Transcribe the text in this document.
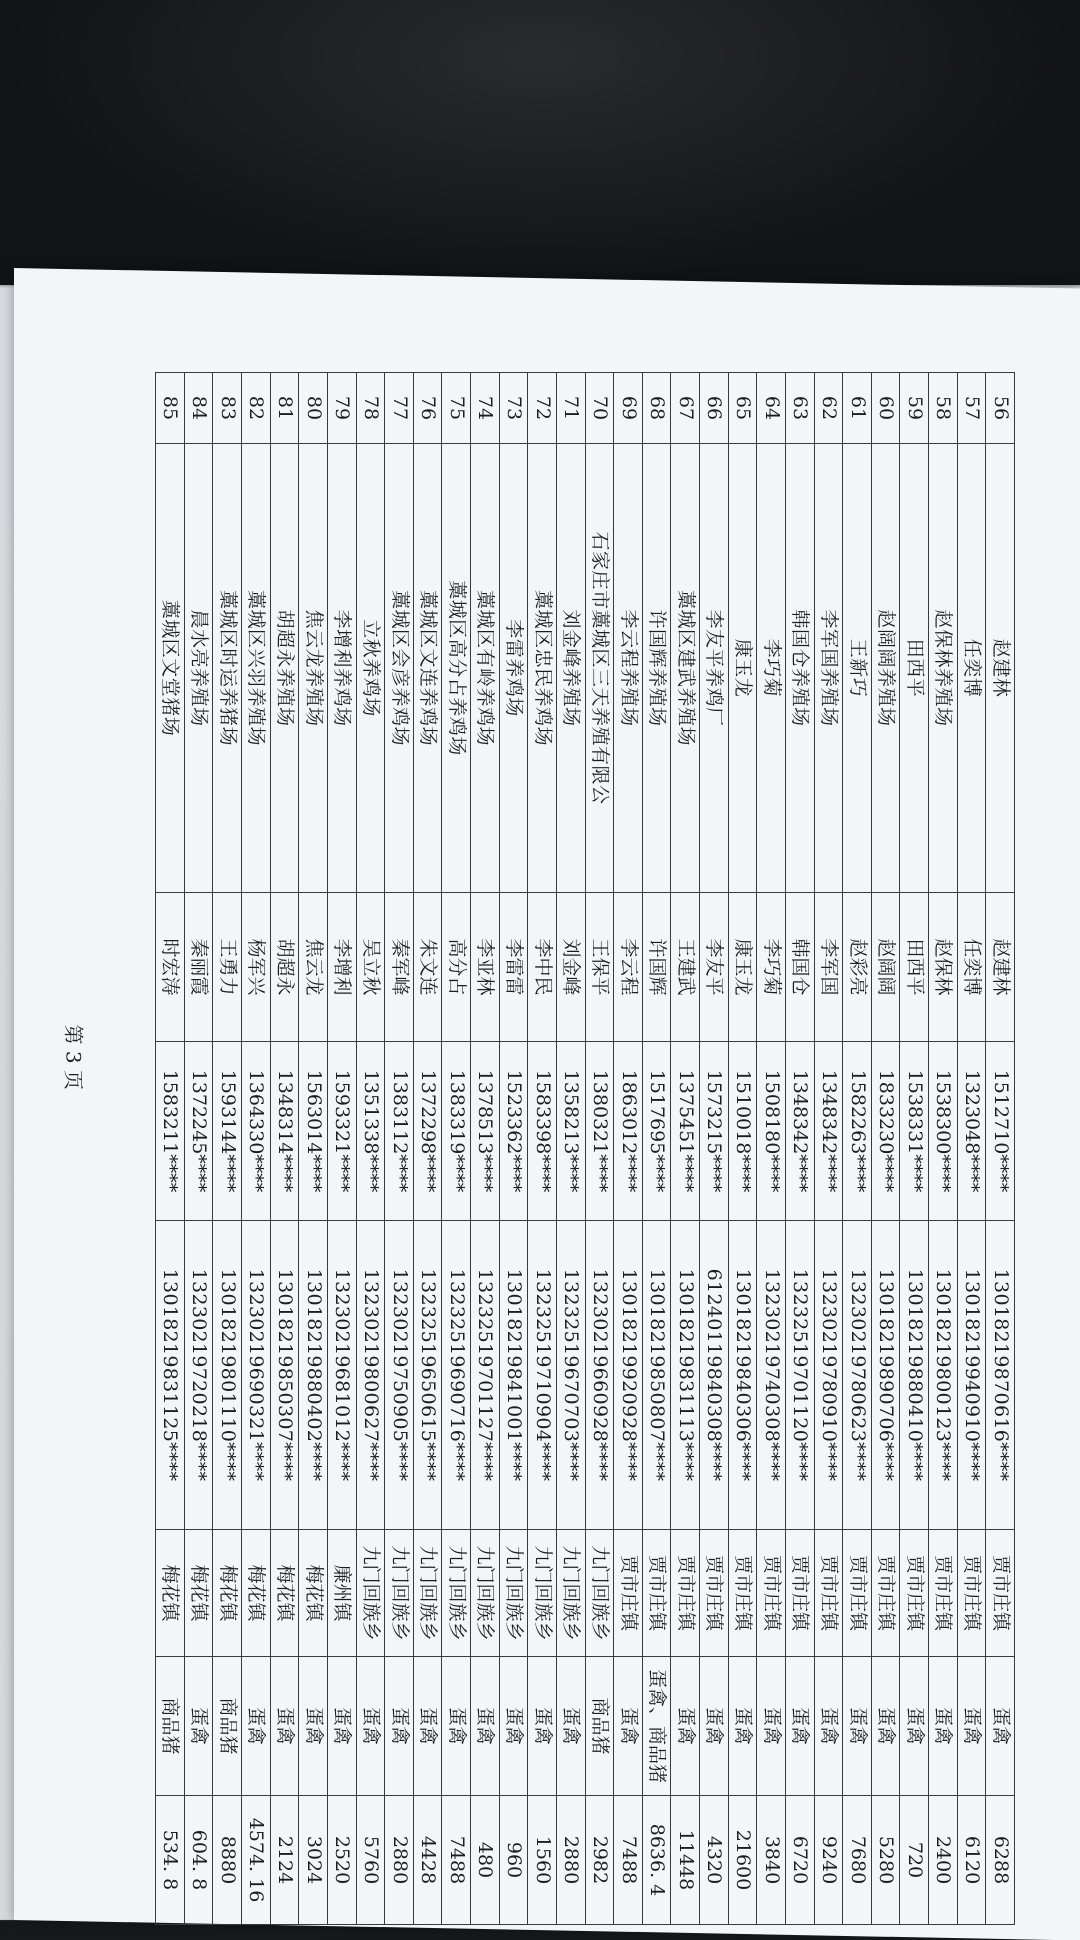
56	赵建林	赵建林	1512710****	13018219870616****	贾市庄镇	蛋禽	6288
57	任奕博	任奕博	1323048****	13018219940910****	贾市庄镇	蛋禽	6120
58	赵保林养殖场	赵保林	1538300****	13018219800123****	贾市庄镇	蛋禽	2400
59	田西平	田西平	1538331****	13018219880410****	贾市庄镇	蛋禽	720
60	赵阔阔养殖场	赵阔阔	1833230****	13018219890706****	贾市庄镇	蛋禽	5280
61	王新巧	赵彩亮	1582263****	13230219780623****	贾市庄镇	蛋禽	7680
62	李军国养殖场	李军国	1348342****	13230219780910****	贾市庄镇	蛋禽	9240
63	韩国仓养殖场	韩国仓	1348342****	13232519701120****	贾市庄镇	蛋禽	6720
64	李巧菊	李巧菊	1508180****	13230219740308****	贾市庄镇	蛋禽	3840
65	康玉龙	康玉龙	1510018****	13018219840306****	贾市庄镇	蛋禽	21600
66	李友平养鸡厂	李友平	1573215****	61240119840308****	贾市庄镇	蛋禽	4320
67	藁城区建武养殖场	王建武	1375451****	13018219831113****	贾市庄镇	蛋禽	11448
68	许国辉养殖场	许国辉	1517695****	13018219850807****	贾市庄镇	蛋禽、商品猪	8636. 4
69	李云程养殖场	李云程	1863012****	13018219920928****	贾市庄镇	蛋禽	7488
70	石家庄市藁城区三天养殖有限公	王保平	1380321****	13230219660928****	九门回族乡	商品猪	2982
71	刘金峰养殖场	刘金峰	1358213****	13232519670703****	九门回族乡	蛋禽	2880
72	藁城区忠民养鸡场	李中民	1583398****	13232519710904****	九门回族乡	蛋禽	1560
73	李雷养鸡场	李雷雷	1523362****	13018219841001****	九门回族乡	蛋禽	960
74	藁城区有岭养鸡场	李亚林	1378513****	13232519701127****	九门回族乡	蛋禽	480
75	藁城区高分占养鸡场	高分占	1383319****	13232519690716****	九门回族乡	蛋禽	7488
76	藁城区文连养鸡场	朱文连	1372298****	13232519650615****	九门回族乡	蛋禽	4428
77	藁城区会彦养鸡场	秦军峰	1383112****	13230219750905****	九门回族乡	蛋禽	2880
78	立秋养鸡场	吴立秋	1351338****	13230219800627****	九门回族乡	蛋禽	5760
79	李增利养鸡场	李增利	1593321****	13230219681012****	廉州镇	蛋禽	2520
80	焦云龙养殖场	焦云龙	1563014****	13018219880402****	梅花镇	蛋禽	3024
81	胡超永养殖场	胡超永	1348314****	13018219850307****	梅花镇	蛋禽	2124
82	藁城区兴羽养殖场	杨军兴	1364330****	13230219690321****	梅花镇	蛋禽	4574. 16
83	藁城区时运养猪场	王勇力	1593144****	13018219801110****	梅花镇	商品猪	8880
84	晨水亮养殖场	秦丽霞	1372245****	13230219720218****	梅花镇	蛋禽	604. 8
85	藁城区文堂猪场	时宏涛	1583211****	13018219831125****	梅花镇	商品猪	534. 8
第 3 页
